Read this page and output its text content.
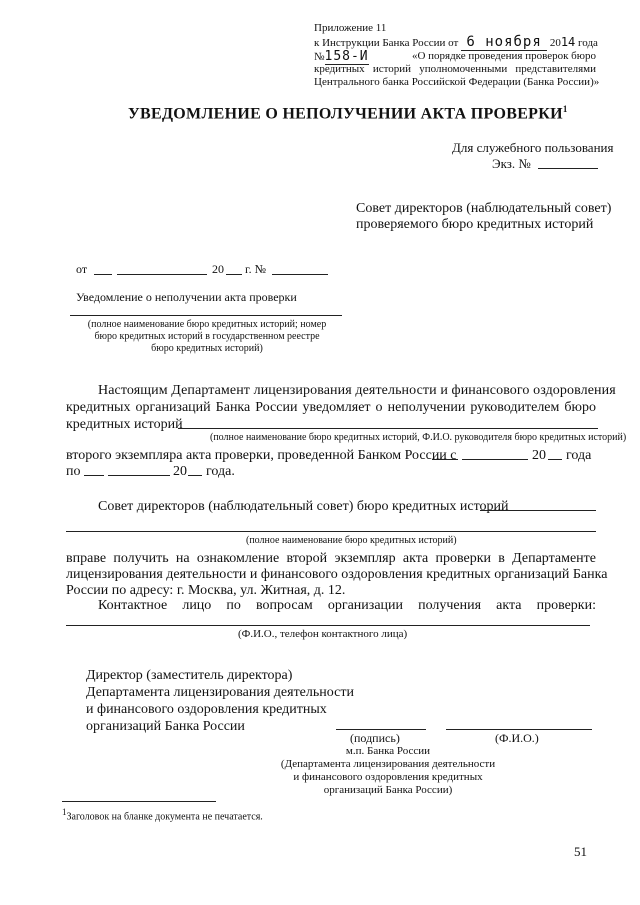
Приложение 11
к Инструкции Банка России от 6 ноября 2014 года
№158-И	«О порядке проведения проверок бюро
кредитных историй уполномоченными представителями
Центрального банка Российской Федерации (Банка России)»
УВЕДОМЛЕНИЕ О НЕПОЛУЧЕНИИ АКТА ПРОВЕРКИ$^1$
Для служебного пользования
Экз. №
Совет директоров (наблюдательный совет)
проверяемого бюро кредитных историй
от	20 г. №
Уведомление о неполучении акта проверки
(полное наименование бюро кредитных историй; номер
бюро кредитных историй в государственном реестре
бюро кредитных историй)
Настоящим Департамент лицензирования деятельности и финансового оздоровления
кредитных организаций Банка России уведомляет о неполучении руководителем бюро
кредитных историй
(полное наименование бюро кредитных историй, Ф.И.О. руководителя бюро кредитных историй)
второго экземпляра акта проверки, проведенной Банком России с	20 года
по	20 года.
Совет директоров (наблюдательный совет) бюро кредитных историй
(полное наименование бюро кредитных историй)
вправе получить на ознакомление второй экземпляр акта проверки в Департаменте
лицензирования деятельности и финансового оздоровления кредитных организаций Банка
России по адресу: г. Москва, ул. Житная, д. 12.
Контактное лицо по вопросам организации получения акта проверки:
(Ф.И.О., телефон контактного лица)
Директор (заместитель директора)
Департамента лицензирования деятельности
и финансового оздоровления кредитных
организаций Банка России
(подпись)	(Ф.И.О.)
м.п. Банка России
(Департамента лицензирования деятельности
и финансового оздоровления кредитных
организаций Банка России)
$^1$Заголовок на бланке документа не печатается.
51
